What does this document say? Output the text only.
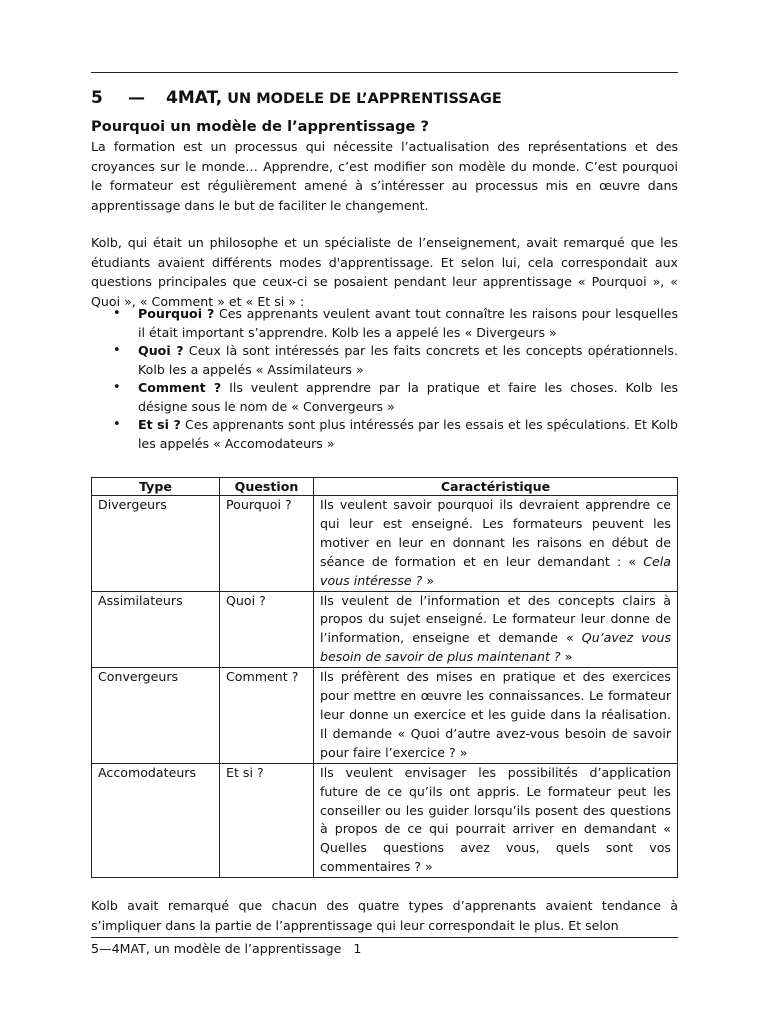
5 — 4MAT, UN MODELE DE L’APPRENTISSAGE
Pourquoi un modèle de l’apprentissage ?
La formation est un processus qui nécessite l’actualisation des représentations et des croyances sur le monde… Apprendre, c’est modifier son modèle du monde. C’est pourquoi le formateur est régulièrement amené à s’intéresser au processus mis en œuvre dans apprentissage dans le but de faciliter le changement.
Kolb, qui était un philosophe et un spécialiste de l’enseignement, avait remarqué que les étudiants avaient différents modes d'apprentissage. Et selon lui, cela correspondait aux questions principales que ceux-ci se posaient pendant leur apprentissage « Pourquoi », « Quoi », « Comment » et « Et si » :
• Pourquoi ? Ces apprenants veulent avant tout connaître les raisons pour lesquelles il était important s’apprendre. Kolb les a appelé les « Divergeurs »
• Quoi ? Ceux là sont intéressés par les faits concrets et les concepts opérationnels. Kolb les a appelés « Assimilateurs »
• Comment ? Ils veulent apprendre par la pratique et faire les choses. Kolb les désigne sous le nom de « Convergeurs »
• Et si ? Ces apprenants sont plus intéressés par les essais et les spéculations. Et Kolb les appelés « Accomodateurs »
Type	Question	Caractéristique
Divergeurs	Pourquoi ?	Ils veulent savoir pourquoi ils devraient apprendre ce qui leur est enseigné. Les formateurs peuvent les motiver en leur en donnant les raisons en début de séance de formation et en leur demandant : « Cela vous intéresse ? »
Assimilateurs	Quoi ?	Ils veulent de l’information et des concepts clairs à propos du sujet enseigné. Le formateur leur donne de l’information, enseigne et demande « Qu’avez vous besoin de savoir de plus maintenant ? »
Convergeurs	Comment ?	Ils préfèrent des mises en pratique et des exercices pour mettre en œuvre les connaissances. Le formateur leur donne un exercice et les guide dans la réalisation. Il demande « Quoi d’autre avez-vous besoin de savoir pour faire l’exercice ? »
Accomodateurs	Et si ?	Ils veulent envisager les possibilités d’application future de ce qu’ils ont appris. Le formateur peut les conseiller ou les guider lorsqu’ils posent des questions à propos de ce qui pourrait arriver en demandant « Quelles questions avez vous, quels sont vos commentaires ? »
Kolb avait remarqué que chacun des quatre types d’apprenants avaient tendance à s’impliquer dans la partie de l’apprentissage qui leur correspondait le plus. Et selon
5—4MAT, un modèle de l’apprentissage 1
